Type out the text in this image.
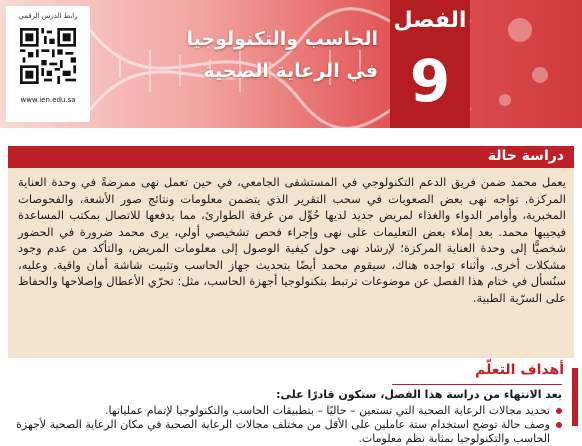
رابط الدرس الرقمي
www.ien.edu.sa
الفصل
9
الحاسب والتكنولوجيا
في الرعاية الصحية
دراسة حالة
يعمل محمد ضمن فريق الدعم التكنولوجي في المستشفى الجامعي، في حين تعمل نهى ممرضةً في وحدة العناية المركزة. تواجه نهى بعض الصعوبات في سحب التقرير الذي يتضمن معلومات ونتائج صور الأشعة، والفحوصات المخبرية، وأوامر الدواء والغذاء لمريض جديد لديها حُوِّل من غرفة الطوارئ، مما يدفعها للاتصال بمكتب المساعدة فيجيبها محمد. بعد إملاء بعض التعليمات على نهى وإجراء فحص تشخيصي أولي، يرى محمد ضرورة في الحضور شخصيًّا إلى وحدة العناية المركزة؛ لإرشاد نهى حول كيفية الوصول إلى معلومات المريض، والتأكد من عدم وجود مشكلات أخرى. وأثناء تواجده هناك، سيقوم محمد أيضًا بتحديث جهاز الحاسب وتثبيت شاشة أمان واقية. وعليه، سنُسأل في ختام هذا الفصل عن موضوعات ترتبط بتكنولوجيا أجهزة الحاسب، مثل: تحرّي الأعطال وإصلاحها والحفاظ على السرّية الطبية.
أهداف التعلّم
بعد الانتهاء من دراسة هذا الفصل، ستكون قادرًا على:
تحديد مجالات الرعاية الصحية التي تستعين – حاليًا – بتطبيقات الحاسب والتكنولوجيا لإتمام عملياتها.
وصف حالة توضح استخدام ستة عاملين على الأقل من مختلف مجالات الرعاية الصحية في مكان الرعاية الصحية لأجهزة الحاسب والتكنولوجيا بمثابة نظم معلومات.
